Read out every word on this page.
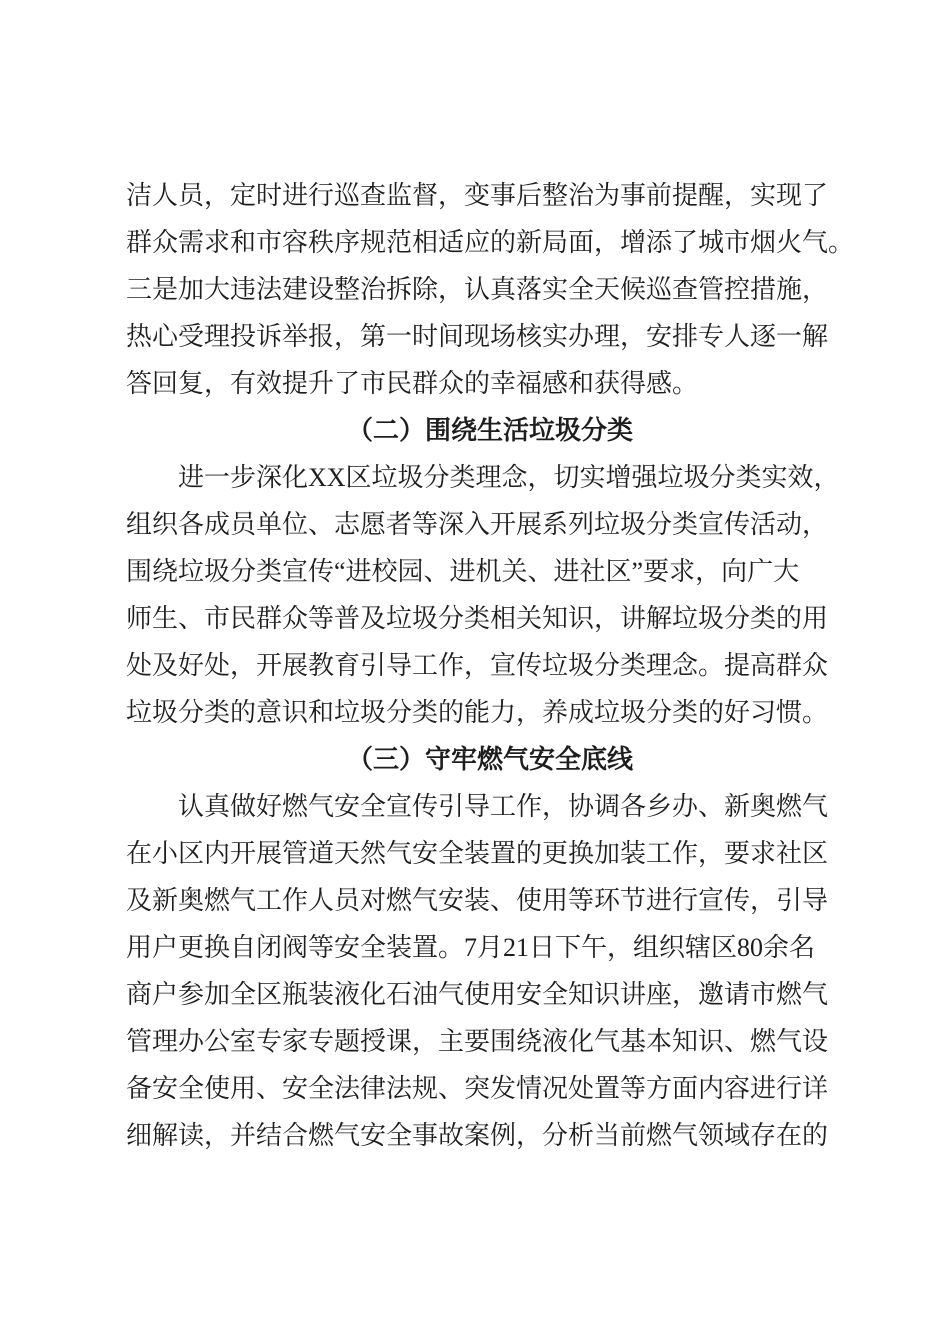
洁人员，定时进行巡查监督，变事后整治为事前提醒，实现了
群众需求和市容秩序规范相适应的新局面，增添了城市烟火气。
三是加大违法建设整治拆除，认真落实全天候巡查管控措施，
热心受理投诉举报，第一时间现场核实办理，安排专人逐一解
答回复，有效提升了市民群众的幸福感和获得感。
（二）围绕生活垃圾分类
进一步深化XX区垃圾分类理念，切实增强垃圾分类实效，
组织各成员单位、志愿者等深入开展系列垃圾分类宣传活动，
围绕垃圾分类宣传“进校园、进机关、进社区”要求，向广大
师生、市民群众等普及垃圾分类相关知识，讲解垃圾分类的用
处及好处，开展教育引导工作，宣传垃圾分类理念。提高群众
垃圾分类的意识和垃圾分类的能力，养成垃圾分类的好习惯。
（三）守牢燃气安全底线
认真做好燃气安全宣传引导工作，协调各乡办、新奥燃气
在小区内开展管道天然气安全装置的更换加装工作，要求社区
及新奥燃气工作人员对燃气安装、使用等环节进行宣传，引导
用户更换自闭阀等安全装置。7月21日下午，组织辖区80余名
商户参加全区瓶装液化石油气使用安全知识讲座，邀请市燃气
管理办公室专家专题授课，主要围绕液化气基本知识、燃气设
备安全使用、安全法律法规、突发情况处置等方面内容进行详
细解读，并结合燃气安全事故案例，分析当前燃气领域存在的
